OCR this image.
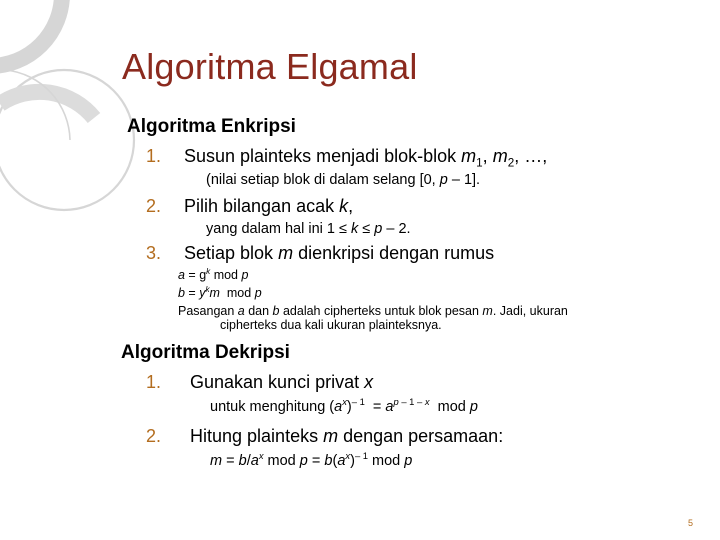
Algoritma Elgamal
Algoritma Enkripsi
1. Susun plainteks menjadi blok-blok $m_1$, $m_2$, …,
(nilai setiap blok di dalam selang [0, p – 1].
2. Pilih bilangan acak k,
yang dalam hal ini 1 ≤ k ≤ p – 2.
3. Setiap blok m dienkripsi dengan rumus
$a = g^k$ mod p
$b = y^km$  mod p
Pasangan a dan b adalah cipherteks untuk blok pesan m. Jadi, ukuran
cipherteks dua kali ukuran plainteksnya.
Algoritma Dekripsi
1. Gunakan kunci privat x
untuk menghitung $(a^x)^{- 1} = a^{p - 1 - x}$  mod p
2. Hitung plainteks m dengan persamaan:
$m = b/a^x$ mod $p = b(a^x)^{- 1}$ mod p
5
